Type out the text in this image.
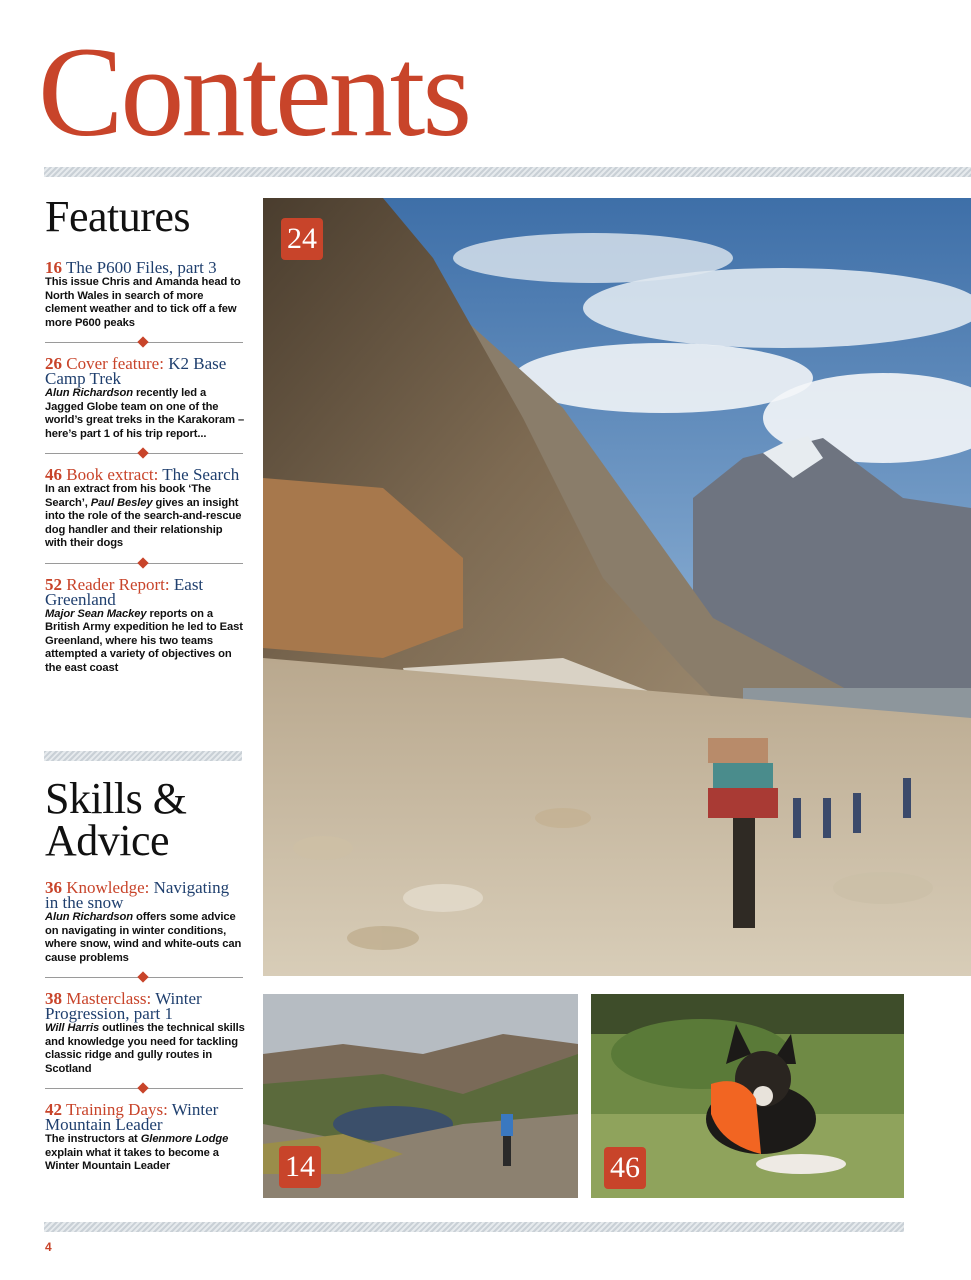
Contents
Features
16 The P600 Files, part 3
This issue Chris and Amanda head to North Wales in search of more clement weather and to tick off a few more P600 peaks
26 Cover feature: K2 Base Camp Trek
Alun Richardson recently led a Jagged Globe team on one of the world’s great treks in the Karakoram – here’s part 1 of his trip report...
46 Book extract: The Search
In an extract from his book ‘The Search’, Paul Besley gives an insight into the role of the search-and-rescue dog handler and their relationship with their dogs
52 Reader Report: East Greenland
Major Sean Mackey reports on a British Army expedition he led to East Greenland, where his two teams attempted a variety of objectives on the east coast
Skills &
Advice
36 Knowledge: Navigating in the snow
Alun Richardson offers some advice on navigating in winter conditions, where snow, wind and white-outs can cause problems
38 Masterclass: Winter Progression, part 1
Will Harris outlines the technical skills and knowledge you need for tackling classic ridge and gully routes in Scotland
42 Training Days: Winter Mountain Leader
The instructors at Glenmore Lodge explain what it takes to become a Winter Mountain Leader
24
14	46
4
